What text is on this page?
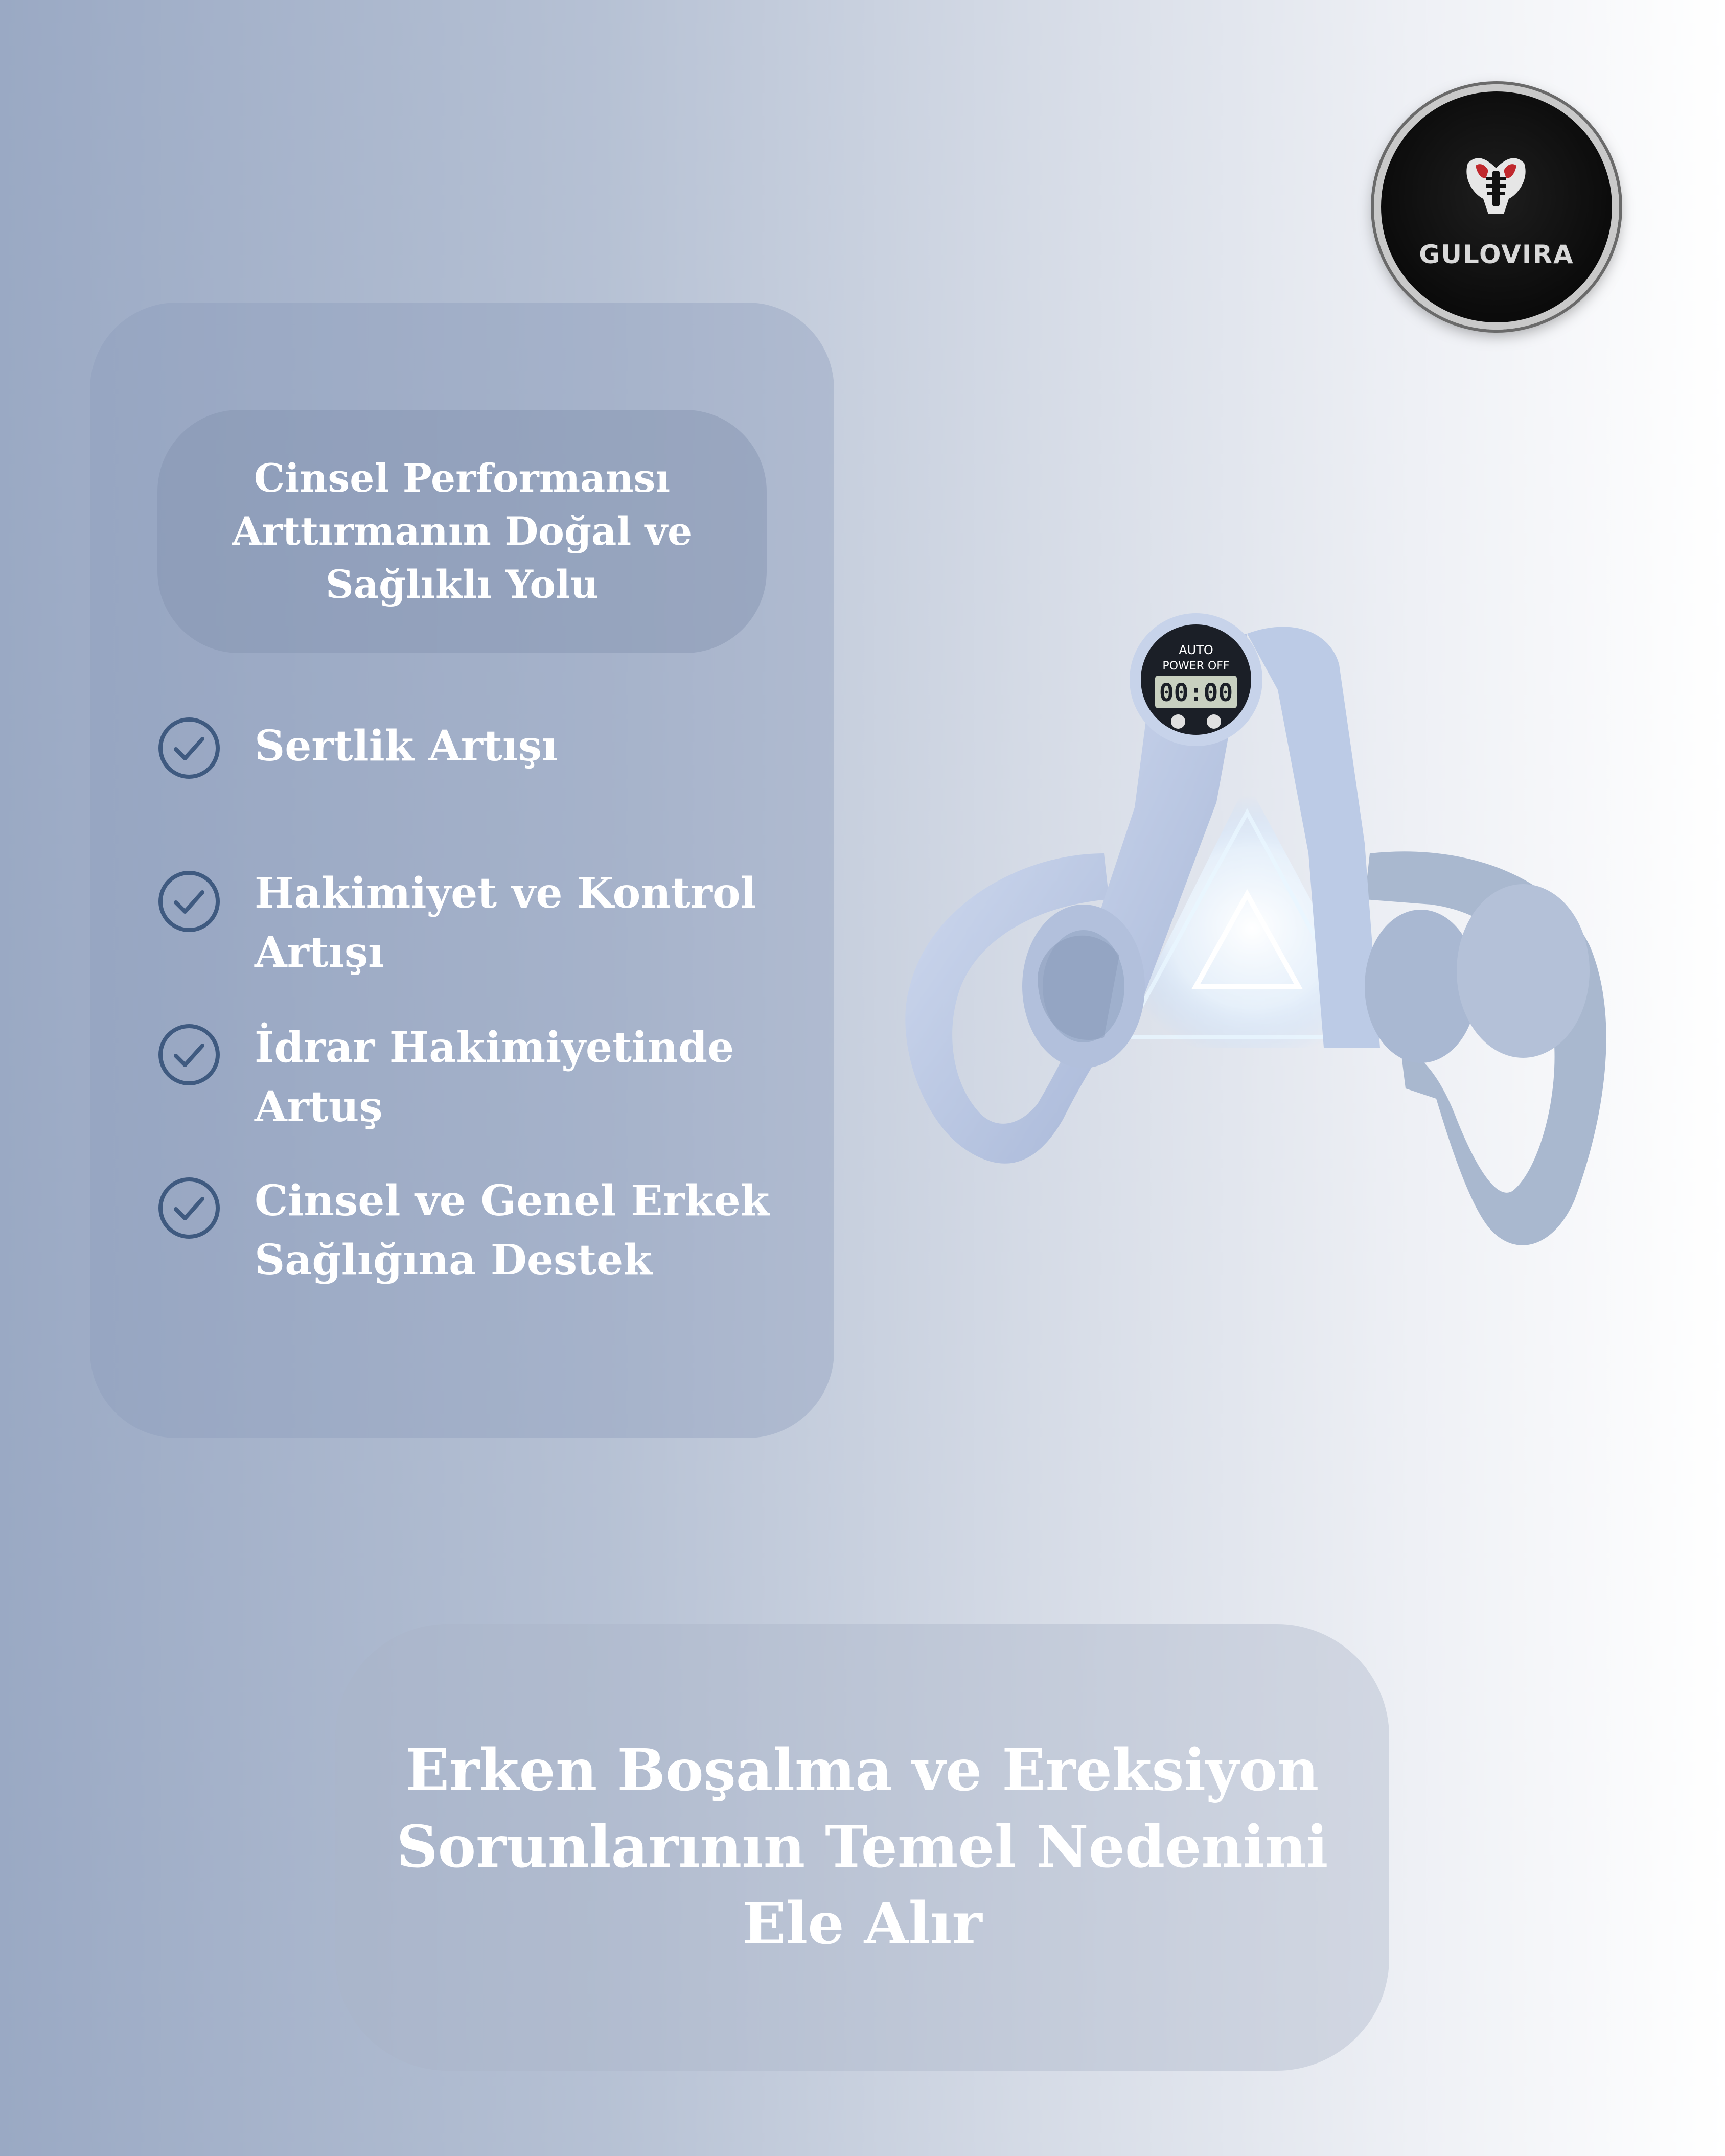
GULOVIRA
Cinsel Performansı Arttırmanın Doğal ve Sağlıklı Yolu
Sertlik Artışı
Hakimiyet ve Kontrol Artışı
İdrar Hakimiyetinde Artuş
Cinsel ve Genel Erkek Sağlığına Destek
AUTO
POWER OFF
00:00
Erken Boşalma ve Ereksiyon Sorunlarının Temel Nedenini Ele Alır
